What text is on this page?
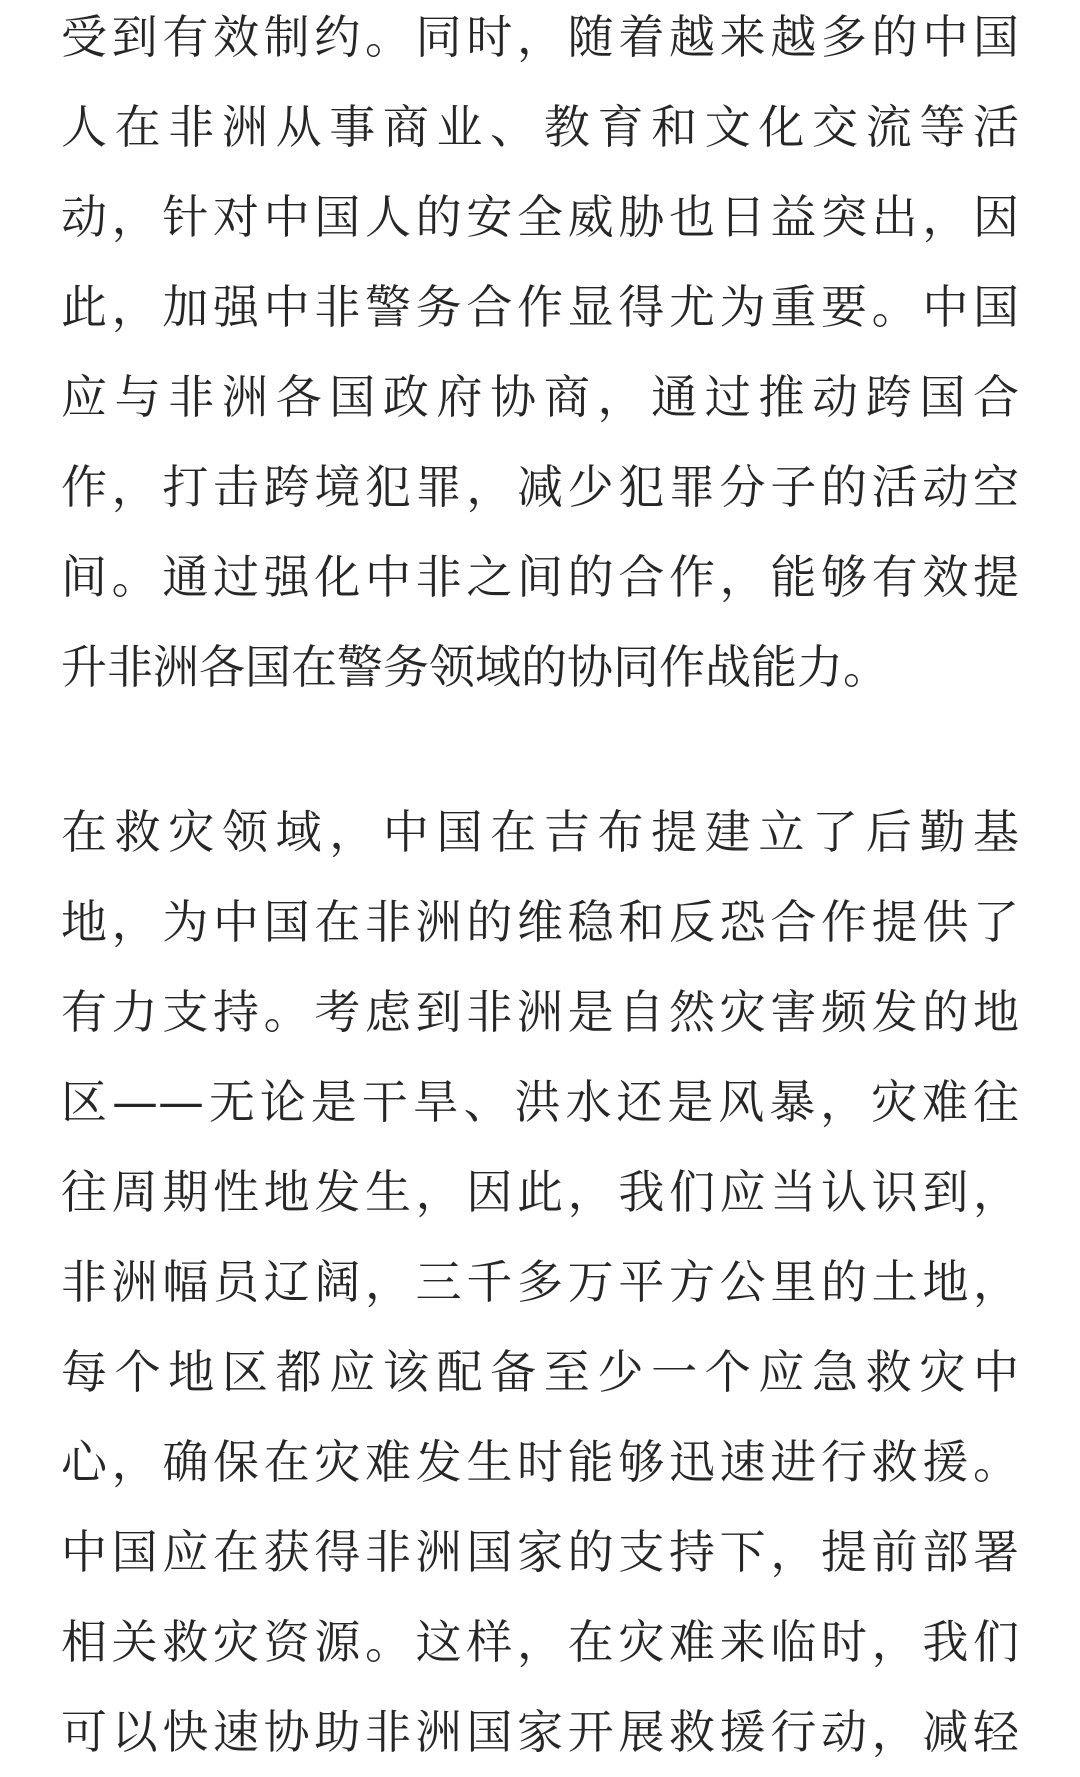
受到有效制约。同时，随着越来越多的中国
人在非洲从事商业、教育和文化交流等活
动，针对中国人的安全威胁也日益突出，因
此，加强中非警务合作显得尤为重要。中国
应与非洲各国政府协商，通过推动跨国合
作，打击跨境犯罪，减少犯罪分子的活动空
间。通过强化中非之间的合作，能够有效提
升非洲各国在警务领域的协同作战能力。
在救灾领域，中国在吉布提建立了后勤基
地，为中国在非洲的维稳和反恐合作提供了
有力支持。考虑到非洲是自然灾害频发的地
区——无论是干旱、洪水还是风暴，灾难往
往周期性地发生，因此，我们应当认识到，
非洲幅员辽阔，三千多万平方公里的土地，
每个地区都应该配备至少一个应急救灾中
心，确保在灾难发生时能够迅速进行救援。
中国应在获得非洲国家的支持下，提前部署
相关救灾资源。这样，在灾难来临时，我们
可以快速协助非洲国家开展救援行动，减轻
